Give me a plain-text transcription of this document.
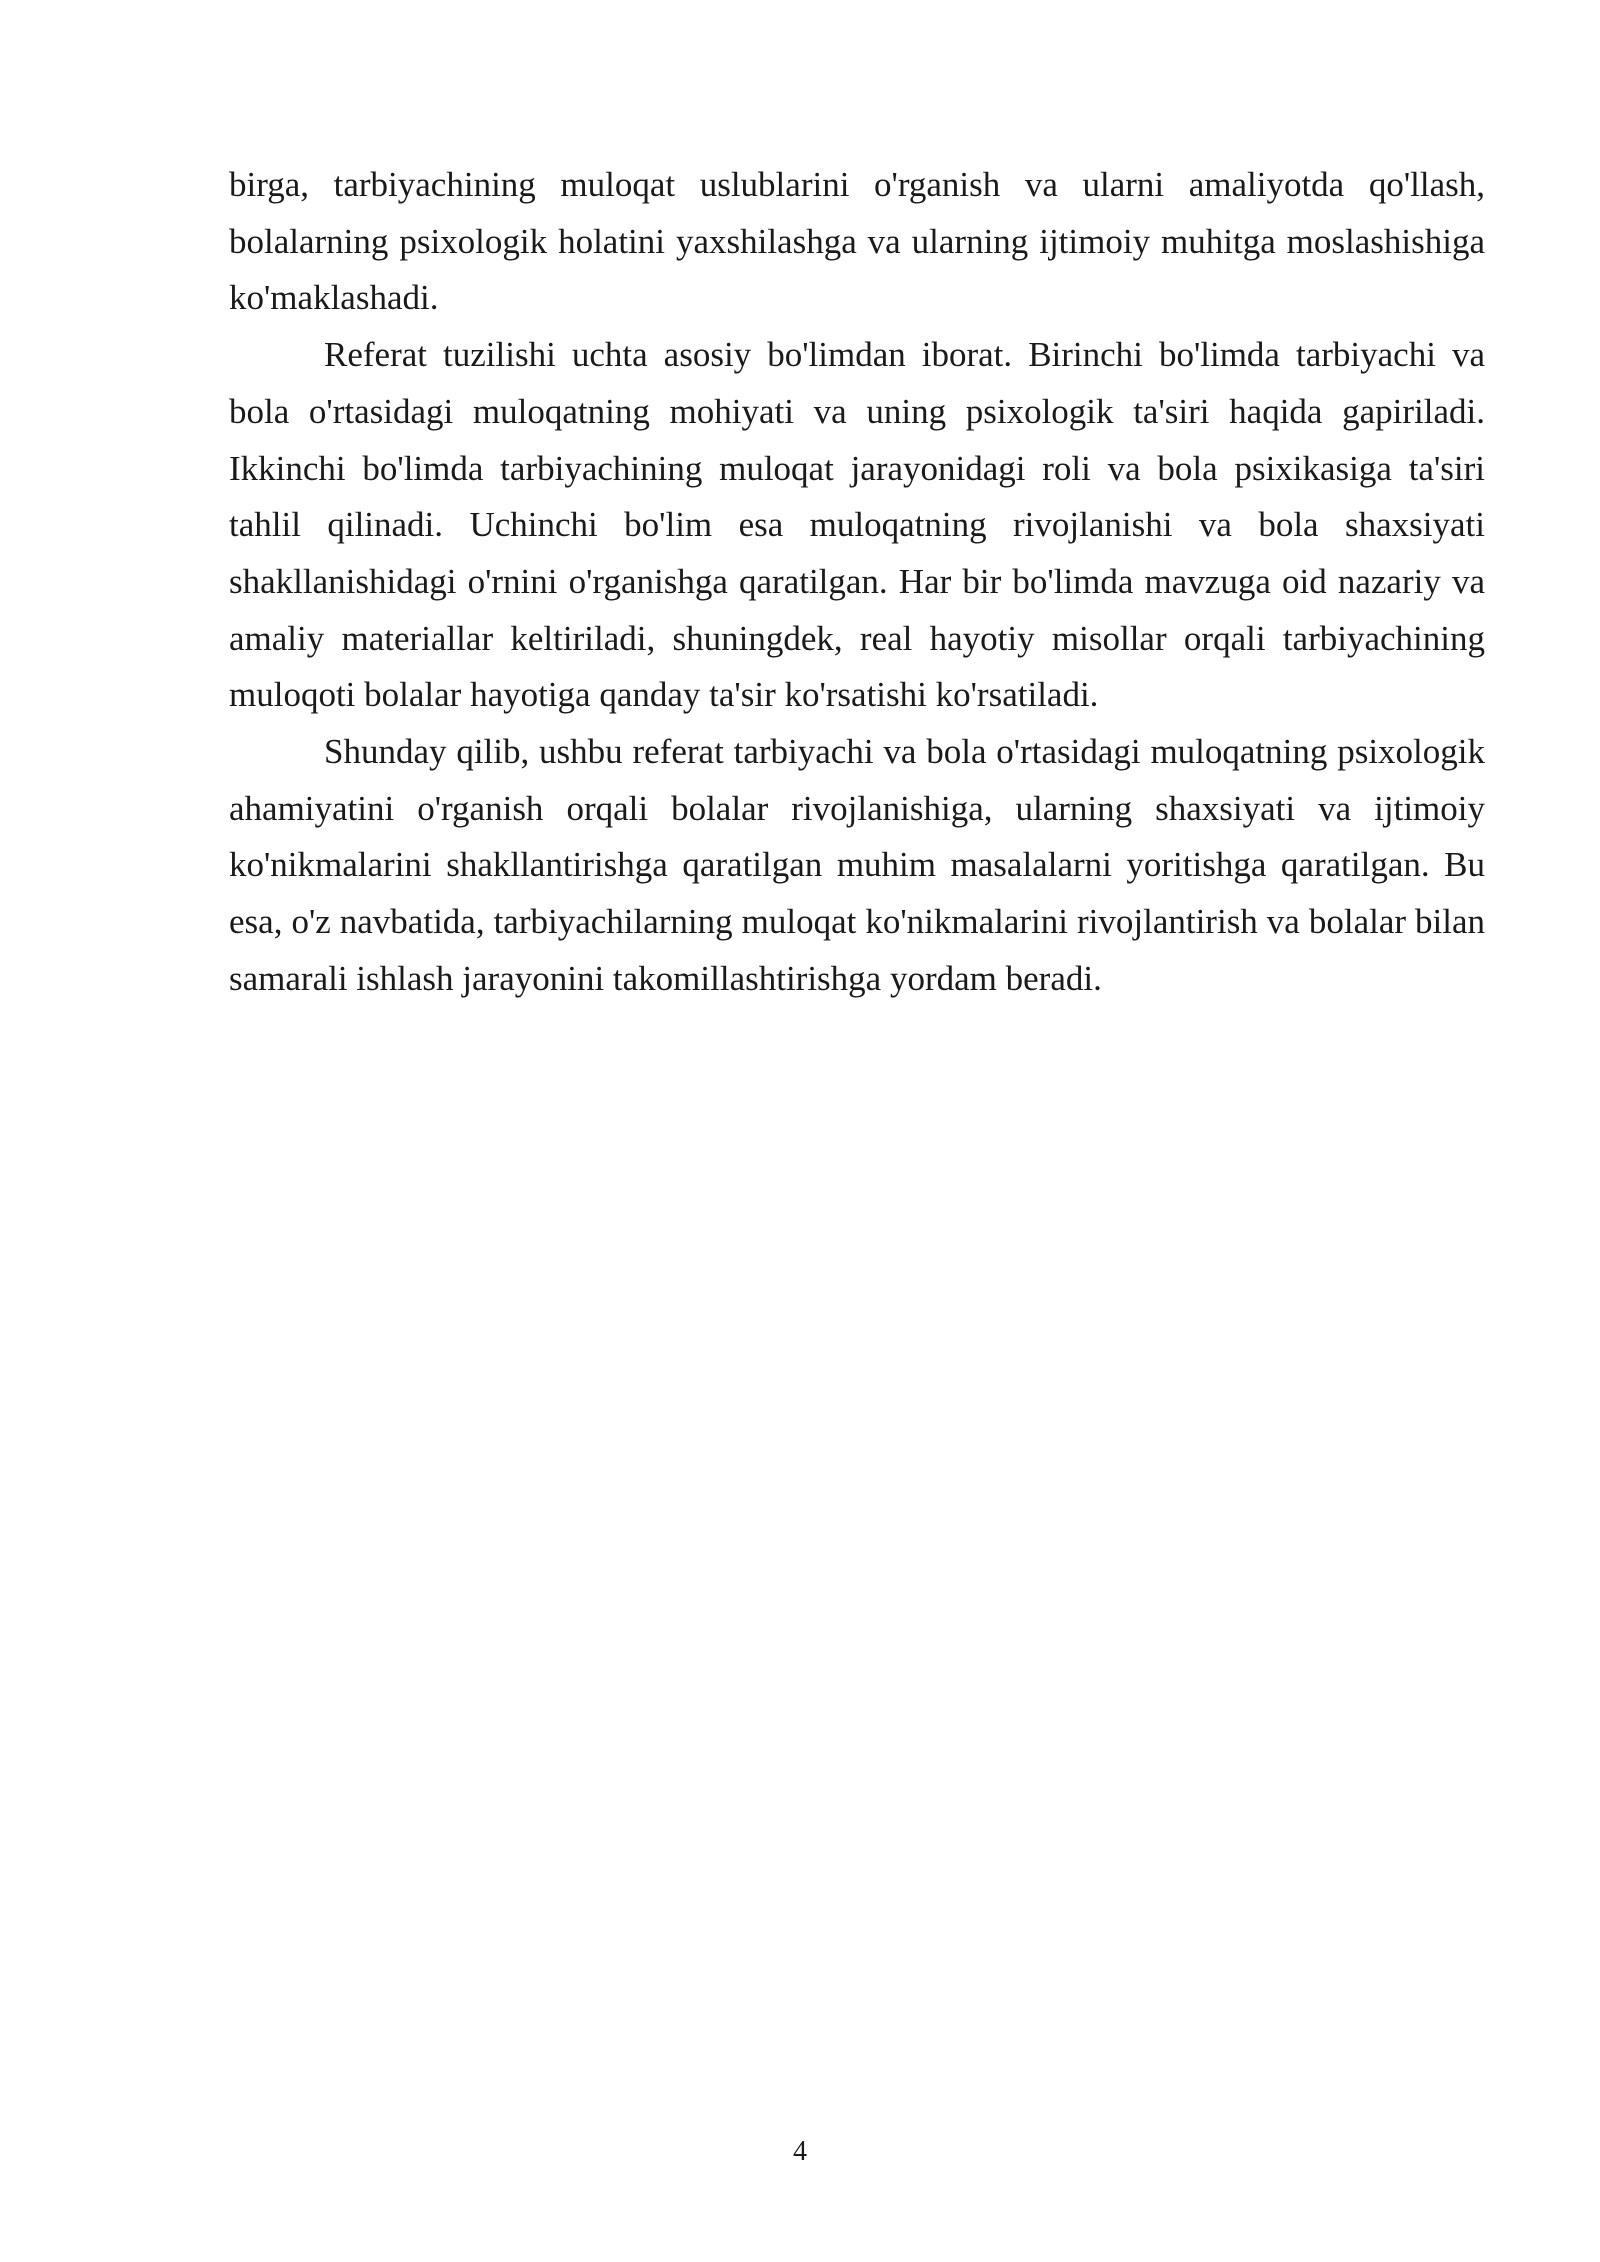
birga, tarbiyachining muloqat uslublarini o'rganish va ularni amaliyotda qo'llash, bolalarning psixologik holatini yaxshilashga va ularning ijtimoiy muhitga moslashishiga ko'maklashadi.

Referat tuzilishi uchta asosiy bo'limdan iborat. Birinchi bo'limda tarbiyachi va bola o'rtasidagi muloqatning mohiyati va uning psixologik ta'siri haqida gapiriladi. Ikkinchi bo'limda tarbiyachining muloqat jarayonidagi roli va bola psixikasiga ta'siri tahlil qilinadi. Uchinchi bo'lim esa muloqatning rivojlanishi va bola shaxsiyati shakllanishidagi o'rnini o'rganishga qaratilgan. Har bir bo'limda mavzuga oid nazariy va amaliy materiallar keltiriladi, shuningdek, real hayotiy misollar orqali tarbiyachining muloqoti bolalar hayotiga qanday ta'sir ko'rsatishi ko'rsatiladi.

Shunday qilib, ushbu referat tarbiyachi va bola o'rtasidagi muloqatning psixologik ahamiyatini o'rganish orqali bolalar rivojlanishiga, ularning shaxsiyati va ijtimoiy ko'nikmalarini shakllantirishga qaratilgan muhim masalalarni yoritishga qaratilgan. Bu esa, o'z navbatida, tarbiyachilarning muloqat ko'nikmalarini rivojlantirish va bolalar bilan samarali ishlash jarayonini takomillashtirishga yordam beradi.

4
